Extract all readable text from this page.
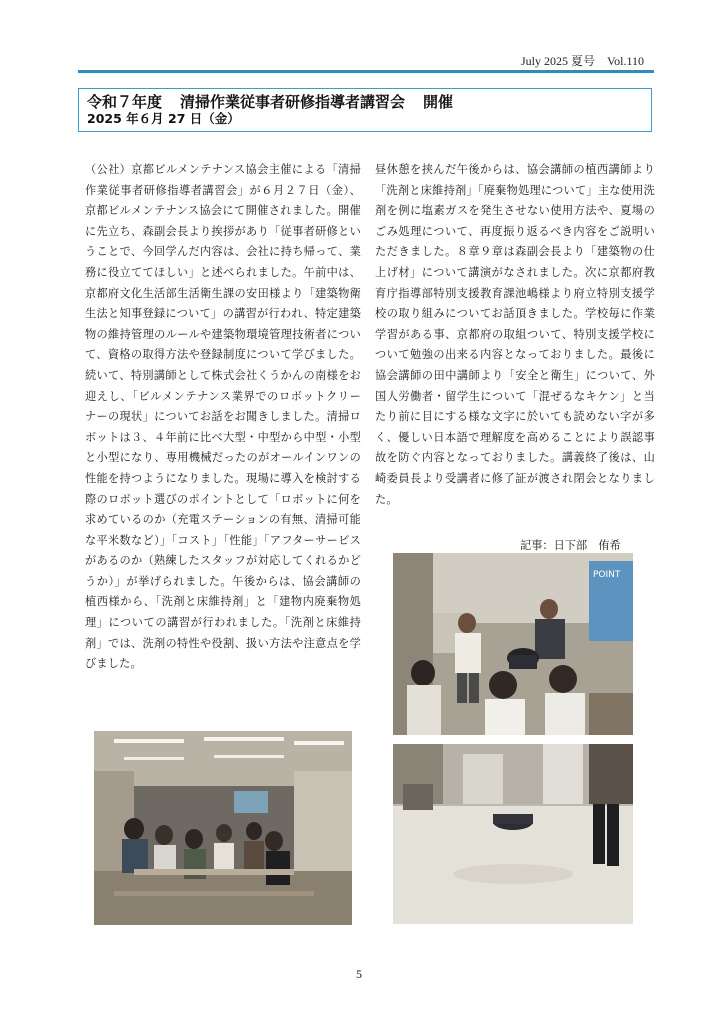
July 2025 夏号　Vol.110
令和７年度 清掃作業従事者研修指導者講習会 開催
2025 年６月 27 日（金）

（公社）京都ビルメンテナンス協会主催による「清掃作業従事者研修指導者講習会」が６月２７日（金）、京都ビルメンテナンス協会にて開催されました。開催に先立ち、森副会長より挨拶があり「従事者研修ということで、今回学んだ内容は、会社に持ち帰って、業務に役立ててほしい」と述べられました。午前中は、京都府文化生活部生活衛生課の安田様より「建築物衛生法と知事登録について」の講習が行われ、特定建築物の維持管理のルールや建築物環境管理技術者について、資格の取得方法や登録制度について学びました。続いて、特別講師として株式会社くうかんの南様をお迎えし、「ビルメンテナンス業界でのロボットクリーナーの現状」についてお話をお聞きしました。清掃ロボットは３、４年前に比べ大型・中型から中型・小型と小型になり、専用機械だったのがオールインワンの性能を持つようになりました。現場に導入を検討する際のロボット選びのポイントとして「ロボットに何を求めているのか（充電ステーションの有無、清掃可能な平米数など）」「コスト」「性能」「アフターサービスがあるのか（熟練したスタッフが対応してくれるかどうか）」が挙げられました。午後からは、協会講師の植西様から、「洗剤と床維持剤」と「建物内廃棄物処理」についての講習が行われました。「洗剤と床維持剤」では、洗剤の特性や役割、扱い方法や注意点を学びました。

昼休憩を挟んだ午後からは、協会講師の植西講師より「洗剤と床維持剤」「廃棄物処理について」主な使用洗剤を例に塩素ガスを発生させない使用方法や、夏場のごみ処理について、再度振り返るべき内容をご説明いただきました。８章９章は森副会長より「建築物の仕上げ材」について講演がなされました。次に京都府教育庁指導部特別支援教育課池嶋様より府立特別支援学校の取り組みについてお話頂きました。学校毎に作業学習がある事、京都府の取組ついて、特別支援学校について勉強の出来る内容となっておりました。最後に協会講師の田中講師より「安全と衛生」について、外国人労働者・留学生について「混ぜるなキケン」と当たり前に目にする様な文字に於いても読めない字が多く、優しい日本語で理解度を高めることにより誤認事故を防ぐ内容となっておりました。講義終了後は、山崎委員長より受講者に修了証が渡され閉会となりました。

記事：日下部　侑希
POINT
5
